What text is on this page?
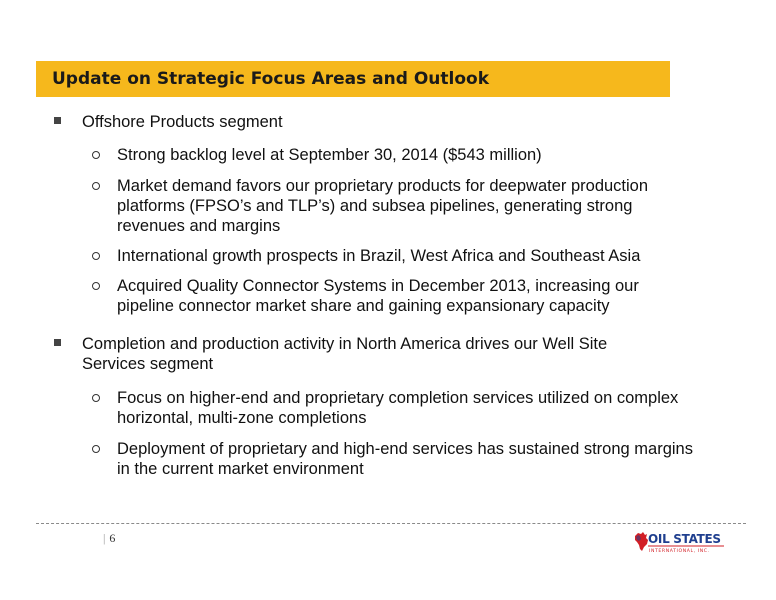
Update on Strategic Focus Areas and Outlook
Offshore Products segment
Strong backlog level at September 30, 2014 ($543 million)
Market demand favors our proprietary products for deepwater production platforms (FPSO’s and TLP’s) and subsea pipelines, generating strong revenues and margins
International growth prospects in Brazil, West Africa and Southeast Asia
Acquired Quality Connector Systems in December 2013, increasing our pipeline connector market share and gaining expansionary capacity
Completion and production activity in North America drives our Well Site Services segment
Focus on higher-end and proprietary completion services utilized on complex horizontal, multi-zone completions
Deployment of proprietary and high-end services has sustained strong margins in the current market environment
| 6	OIL STATES
INTERNATIONAL, INC.
